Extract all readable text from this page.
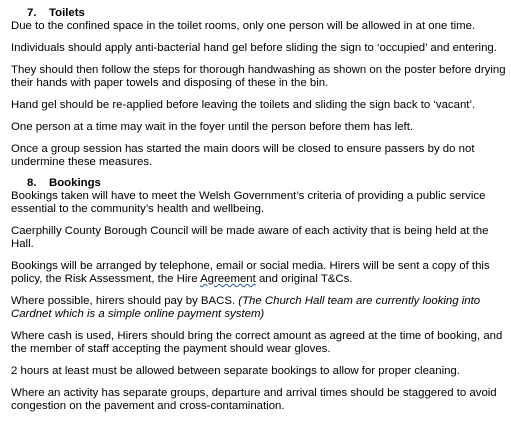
7. Toilets

Due to the confined space in the toilet rooms, only one person will be allowed in at one time.

Individuals should apply anti-bacterial hand gel before sliding the sign to ‘occupied’ and entering.

They should then follow the steps for thorough handwashing as shown on the poster before drying their hands with paper towels and disposing of these in the bin.

Hand gel should be re-applied before leaving the toilets and sliding the sign back to ‘vacant’.

One person at a time may wait in the foyer until the person before them has left.

Once a group session has started the main doors will be closed to ensure passers by do not undermine these measures.

8. Bookings

Bookings taken will have to meet the Welsh Government’s criteria of providing a public service essential to the community’s health and wellbeing.

Caerphilly County Borough Council will be made aware of each activity that is being held at the Hall.

Bookings will be arranged by telephone, email or social media. Hirers will be sent a copy of this policy, the Risk Assessment, the Hire Agreement and original T&Cs.

Where possible, hirers should pay by BACS. (The Church Hall team are currently looking into Cardnet which is a simple online payment system)

Where cash is used, Hirers should bring the correct amount as agreed at the time of booking, and the member of staff accepting the payment should wear gloves.

2 hours at least must be allowed between separate bookings to allow for proper cleaning.

Where an activity has separate groups, departure and arrival times should be staggered to avoid congestion on the pavement and cross-contamination.
